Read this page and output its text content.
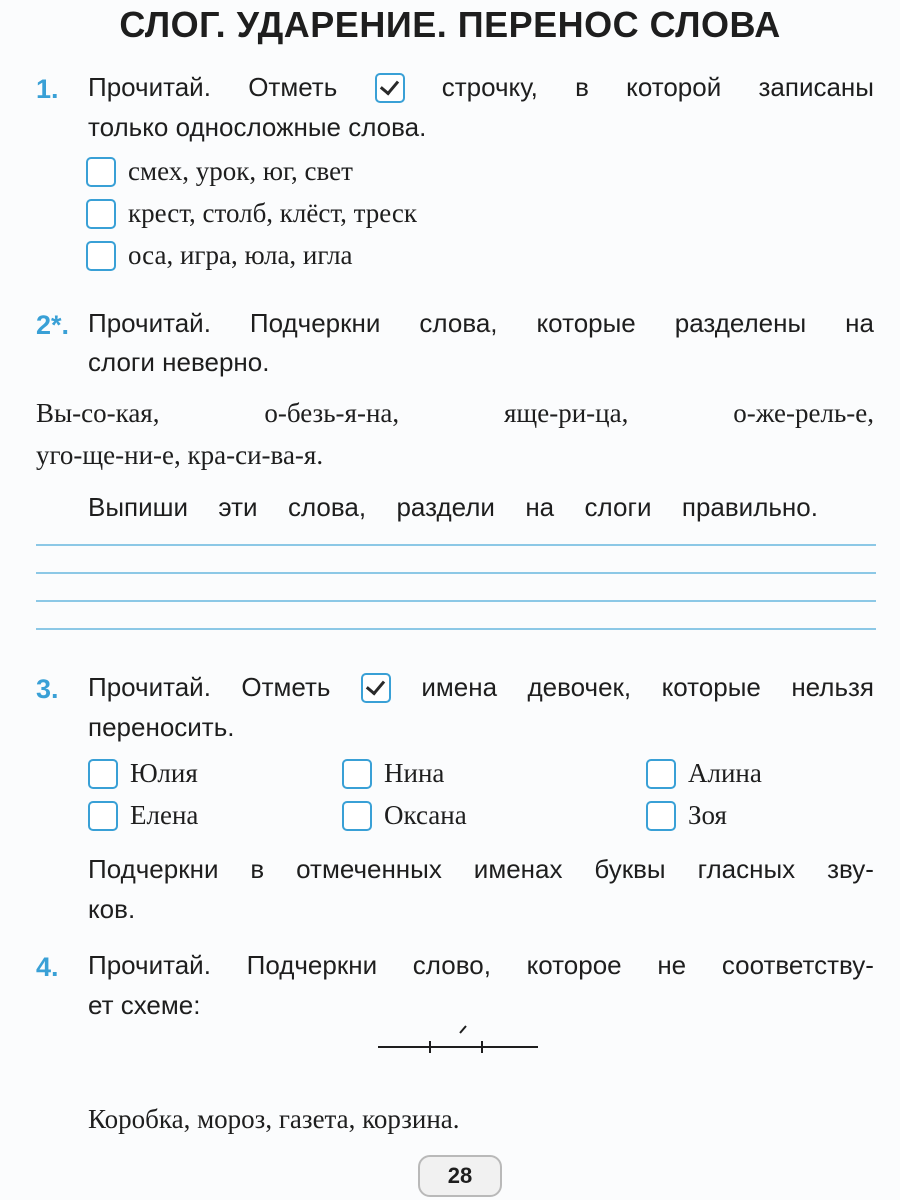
СЛОГ. УДАРЕНИЕ. ПЕРЕНОС СЛОВА
1. Прочитай. Отметь	строчку, в которой записаны
только односложные слова.
смех, урок, юг, свет
крест, столб, клёст, треск
оса, игра, юла, игла
2*. Прочитай. Подчеркни слова, которые разделены на
слоги неверно.
Вы-со-кая,	о-безь-я-на,	яще-ри-ца,	о-же-рель-е,
уго-ще-ни-е, кра-си-ва-я.
Выпиши эти слова, раздели на слоги правильно.
3. Прочитай. Отметь	имена девочек, которые нельзя
переносить.
Юлия	Нина	Алина
Елена	Оксана	Зоя
Подчеркни в отмеченных именах буквы гласных зву-
ков.
4. Прочитай. Подчеркни слово, которое не соответству-
ет схеме:
Коробка, мороз, газета, корзина.
28
